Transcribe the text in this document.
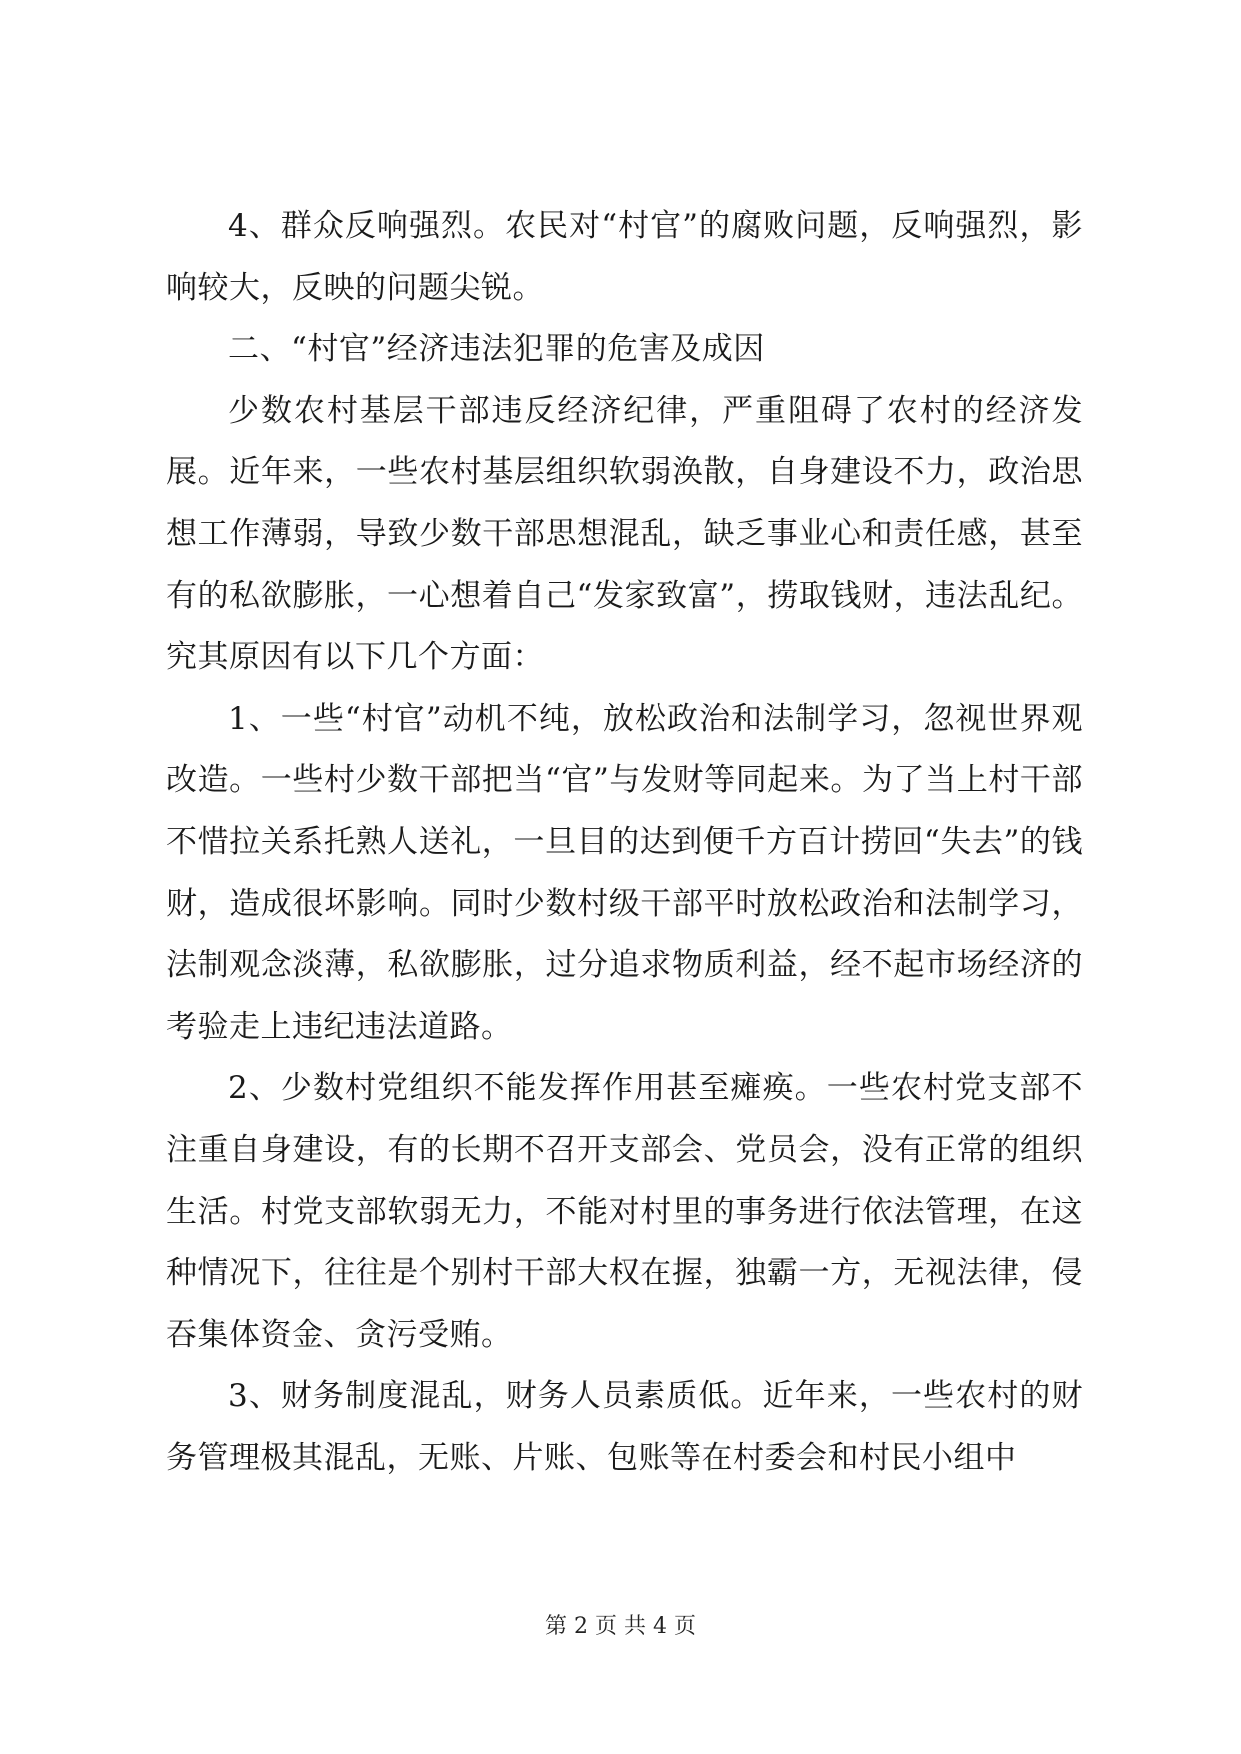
4、群众反响强烈。农民对“村官”的腐败问题，反响强烈，影响较大，反映的问题尖锐。

二、“村官”经济违法犯罪的危害及成因

少数农村基层干部违反经济纪律，严重阻碍了农村的经济发展。近年来，一些农村基层组织软弱涣散，自身建设不力，政治思想工作薄弱，导致少数干部思想混乱，缺乏事业心和责任感，甚至有的私欲膨胀，一心想着自己“发家致富”，捞取钱财，违法乱纪。究其原因有以下几个方面：

1、一些“村官”动机不纯，放松政治和法制学习，忽视世界观改造。一些村少数干部把当“官”与发财等同起来。为了当上村干部不惜拉关系托熟人送礼，一旦目的达到便千方百计捞回“失去”的钱财，造成很坏影响。同时少数村级干部平时放松政治和法制学习，法制观念淡薄，私欲膨胀，过分追求物质利益，经不起市场经济的考验走上违纪违法道路。

2、少数村党组织不能发挥作用甚至瘫痪。一些农村党支部不注重自身建设，有的长期不召开支部会、党员会，没有正常的组织生活。村党支部软弱无力，不能对村里的事务进行依法管理，在这种情况下，往往是个别村干部大权在握，独霸一方，无视法律，侵吞集体资金、贪污受贿。

3、财务制度混乱，财务人员素质低。近年来，一些农村的财务管理极其混乱，无账、片账、包账等在村委会和村民小组中

第 2 页 共 4 页
